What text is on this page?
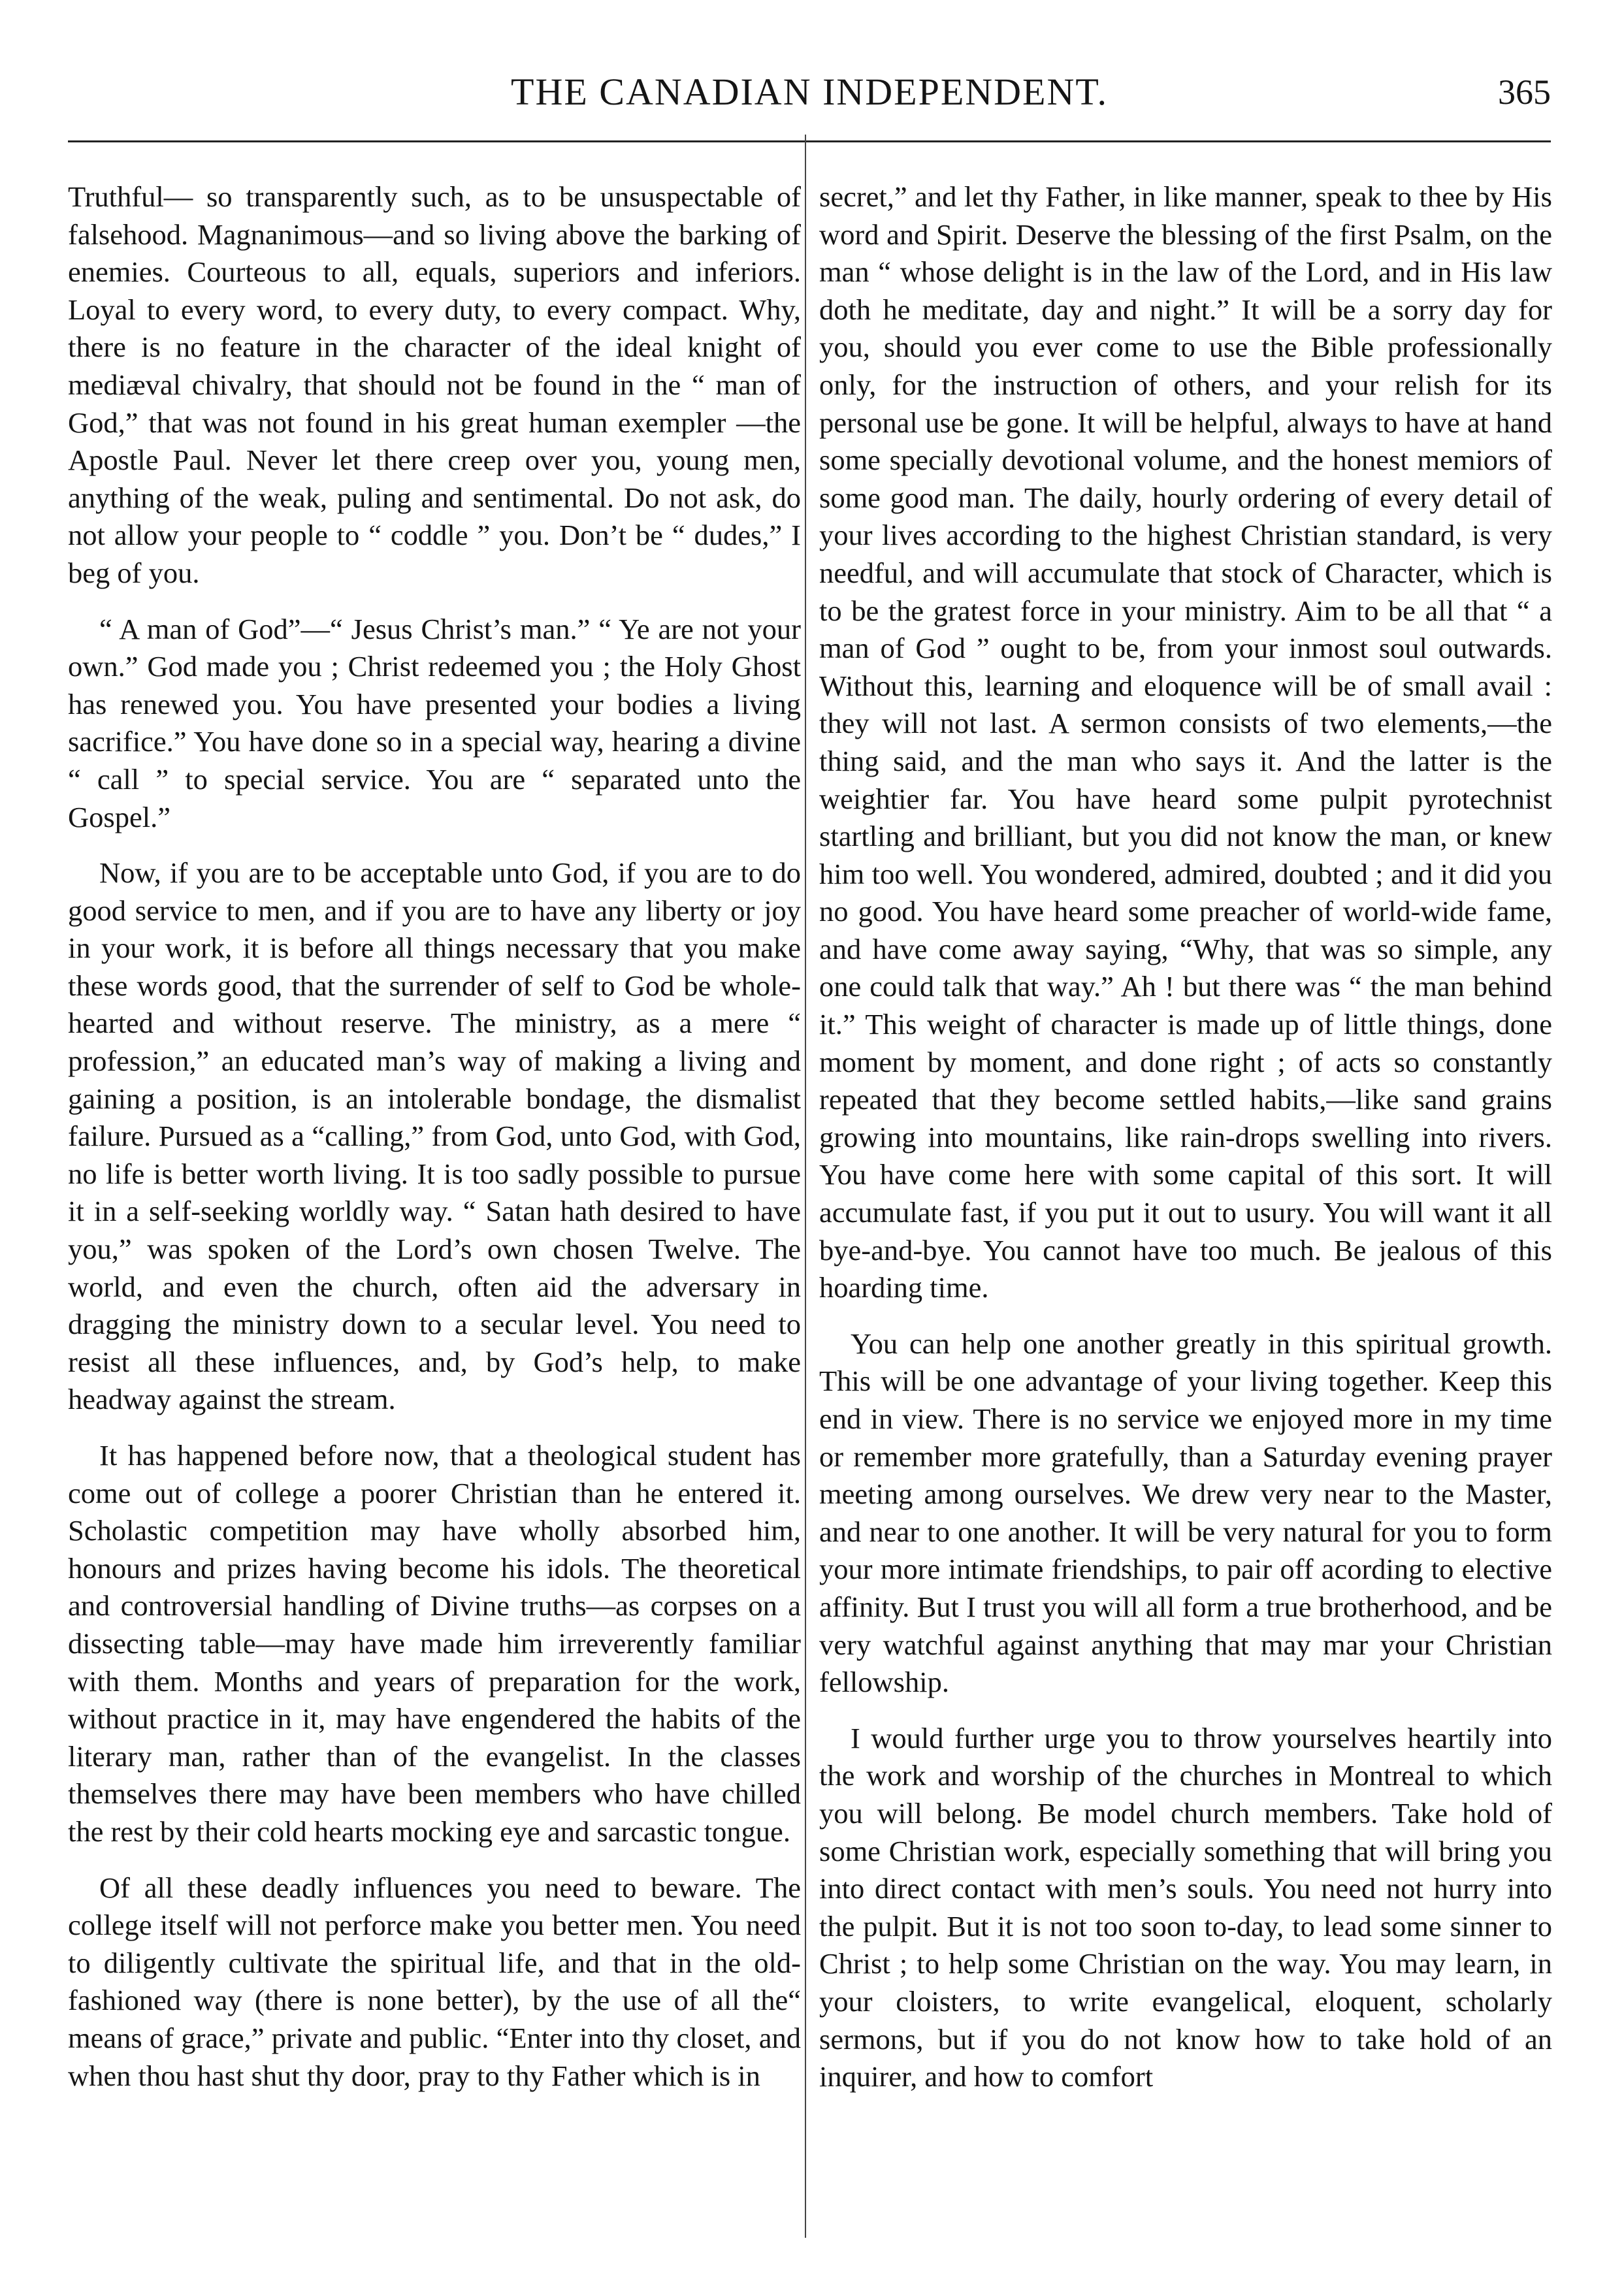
THE CANADIAN INDEPENDENT.	365

Truthful— so transparently such, as to be unsuspectable of falsehood. Magnanimous—and so living above the barking of enemies. Courteous to all, equals, superiors and inferiors. Loyal to every word, to every duty, to every compact. Why, there is no feature in the character of the ideal knight of mediæval chivalry, that should not be found in the “ man of God,” that was not found in his great human exempler —the Apostle Paul. Never let there creep over you, young men, anything of the weak, puling and sentimental. Do not ask, do not allow your people to “ coddle ” you. Don’t be “ dudes,” I beg of you.

“ A man of God”—“ Jesus Christ’s man.” “ Ye are not your own.” God made you ; Christ redeemed you ; the Holy Ghost has renewed you. You have presented your bodies a living sacrifice.” You have done so in a special way, hearing a divine “ call ” to special service. You are “ separated unto the Gospel.”

Now, if you are to be acceptable unto God, if you are to do good service to men, and if you are to have any liberty or joy in your work, it is before all things necessary that you make these words good, that the surrender of self to God be whole-hearted and without reserve. The ministry, as a mere “ profession,” an educated man’s way of making a living and gaining a position, is an intolerable bondage, the dismalist failure. Pursued as a “calling,” from God, unto God, with God, no life is better worth living. It is too sadly possible to pursue it in a self-seeking worldly way. “ Satan hath desired to have you,” was spoken of the Lord’s own chosen Twelve. The world, and even the church, often aid the adversary in dragging the ministry down to a secular level. You need to resist all these influences, and, by God’s help, to make headway against the stream.

It has happened before now, that a theological student has come out of college a poorer Christian than he entered it. Scholastic competition may have wholly absorbed him, honours and prizes having become his idols. The theoretical and controversial handling of Divine truths—as corpses on a dissecting table—may have made him irreverently familiar with them. Months and years of preparation for the work, without practice in it, may have engendered the habits of the literary man, rather than of the evangelist. In the classes themselves there may have been members who have chilled the rest by their cold hearts mocking eye and sarcastic tongue.

Of all these deadly influences you need to beware. The college itself will not perforce make you better men. You need to diligently cultivate the spiritual life, and that in the old-fashioned way (there is none better), by the use of all the“ means of grace,” private and public. “Enter into thy closet, and when thou hast shut thy door, pray to thy Father which is in

secret,” and let thy Father, in like manner, speak to thee by His word and Spirit. Deserve the blessing of the first Psalm, on the man “ whose delight is in the law of the Lord, and in His law doth he meditate, day and night.” It will be a sorry day for you, should you ever come to use the Bible professionally only, for the instruction of others, and your relish for its personal use be gone. It will be helpful, always to have at hand some specially devotional volume, and the honest memiors of some good man. The daily, hourly ordering of every detail of your lives according to the highest Christian standard, is very needful, and will accumulate that stock of Character, which is to be the gratest force in your ministry. Aim to be all that “ a man of God ” ought to be, from your inmost soul outwards. Without this, learning and eloquence will be of small avail : they will not last. A sermon consists of two elements,—the thing said, and the man who says it. And the latter is the weightier far. You have heard some pulpit pyrotechnist startling and brilliant, but you did not know the man, or knew him too well. You wondered, admired, doubted ; and it did you no good. You have heard some preacher of world-wide fame, and have come away saying, “Why, that was so simple, any one could talk that way.” Ah ! but there was “ the man behind it.” This weight of character is made up of little things, done moment by moment, and done right ; of acts so constantly repeated that they become settled habits,—like sand grains growing into mountains, like rain-drops swelling into rivers. You have come here with some capital of this sort. It will accumulate fast, if you put it out to usury. You will want it all bye-and-bye. You cannot have too much. Be jealous of this hoarding time.

You can help one another greatly in this spiritual growth. This will be one advantage of your living together. Keep this end in view. There is no service we enjoyed more in my time or remember more gratefully, than a Saturday evening prayer meeting among ourselves. We drew very near to the Master, and near to one another. It will be very natural for you to form your more intimate friendships, to pair off acording to elective affinity. But I trust you will all form a true brotherhood, and be very watchful against anything that may mar your Christian fellowship.

I would further urge you to throw yourselves heartily into the work and worship of the churches in Montreal to which you will belong. Be model church members. Take hold of some Christian work, especially something that will bring you into direct contact with men’s souls. You need not hurry into the pulpit. But it is not too soon to-day, to lead some sinner to Christ ; to help some Christian on the way. You may learn, in your cloisters, to write evangelical, eloquent, scholarly sermons, but if you do not know how to take hold of an inquirer, and how to comfort
